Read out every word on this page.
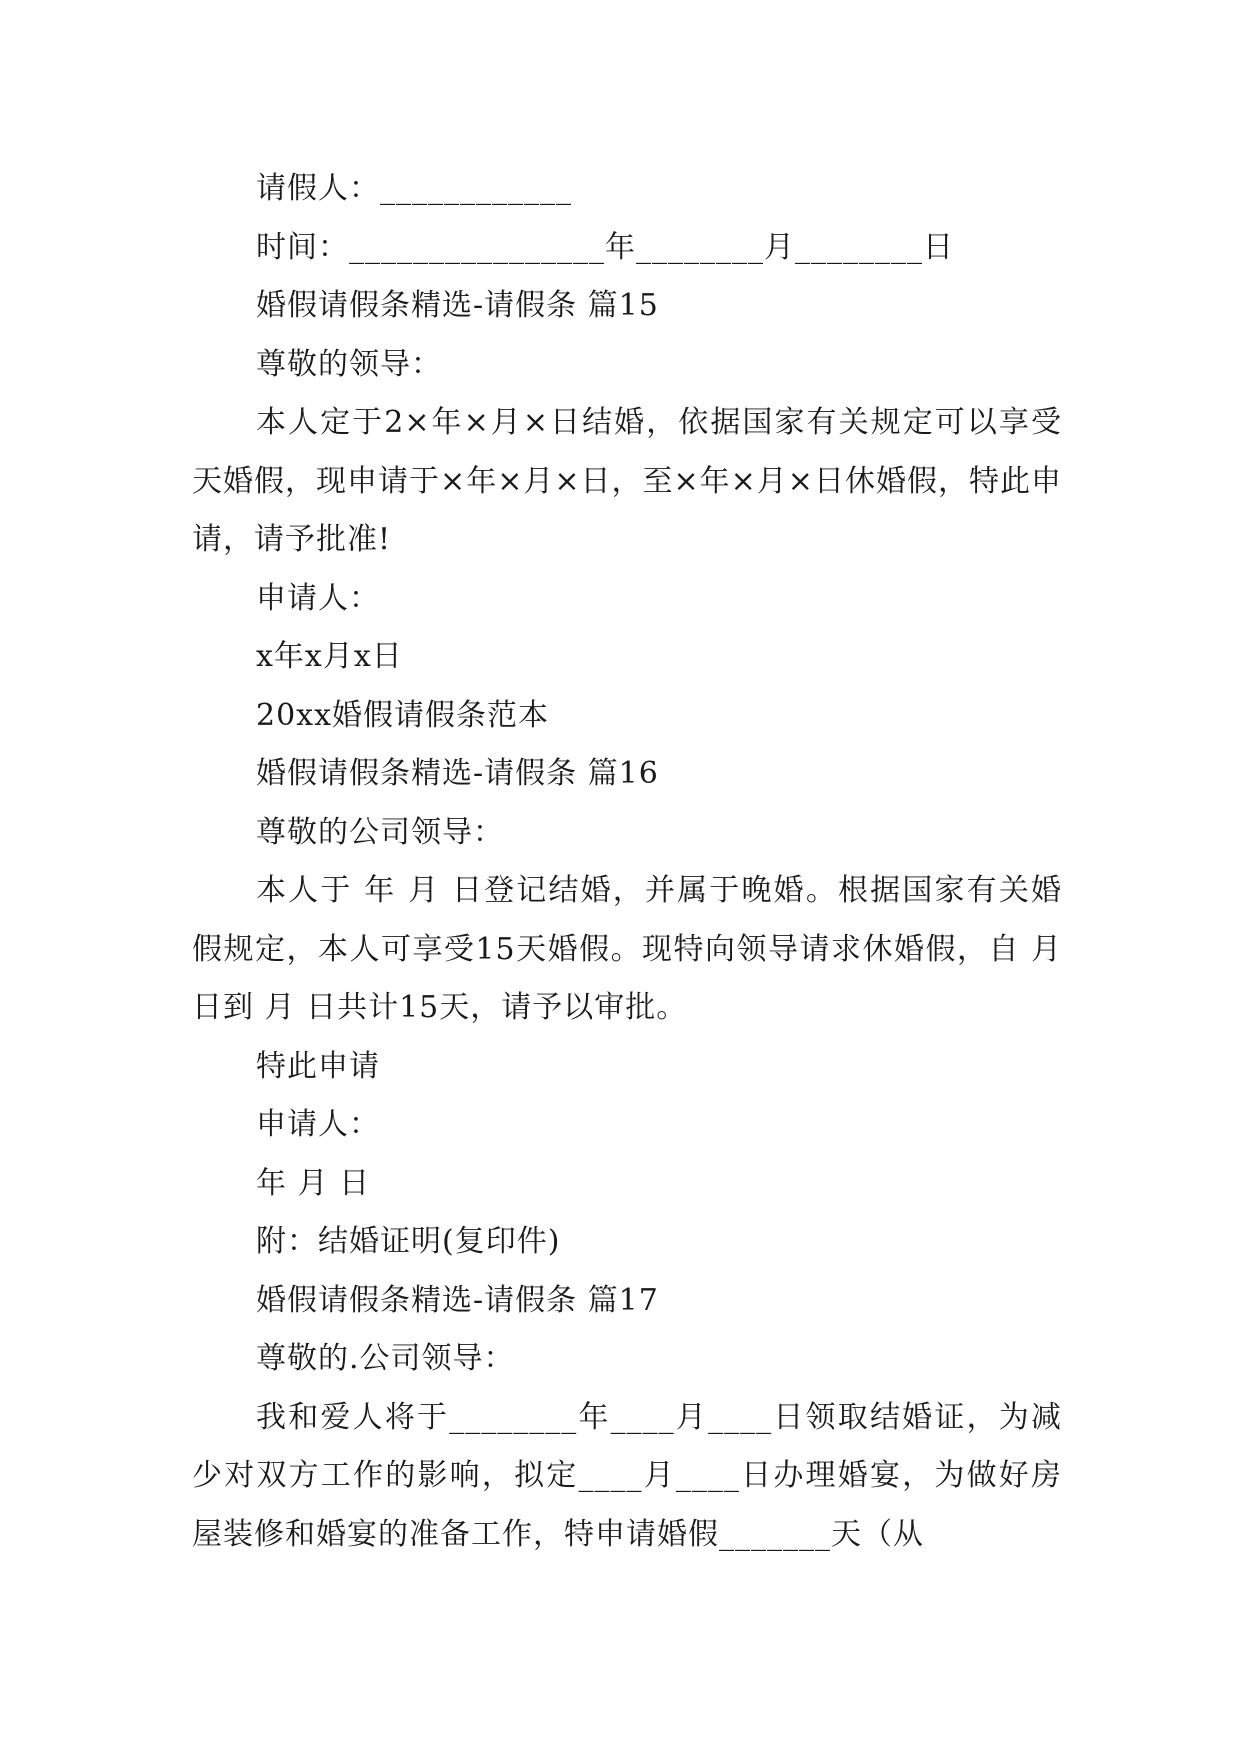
请假人：____________

时间：________________年________月________日

婚假请假条精选-请假条 篇15

尊敬的领导：

本人定于2×年×月×日结婚，依据国家有关规定可以享受天婚假，现申请于×年×月×日，至×年×月×日休婚假，特此申请，请予批准!

申请人：

x年x月x日

20xx婚假请假条范本

婚假请假条精选-请假条 篇16

尊敬的公司领导：

本人于 年 月 日登记结婚，并属于晚婚。根据国家有关婚假规定，本人可享受15天婚假。现特向领导请求休婚假，自 月 日到 月 日共计15天，请予以审批。

特此申请

申请人：

年 月 日

附：结婚证明(复印件)

婚假请假条精选-请假条 篇17

尊敬的.公司领导：

我和爱人将于________年____月____日领取结婚证，为减少对双方工作的影响，拟定____月____日办理婚宴，为做好房屋装修和婚宴的准备工作，特申请婚假_______天（从
